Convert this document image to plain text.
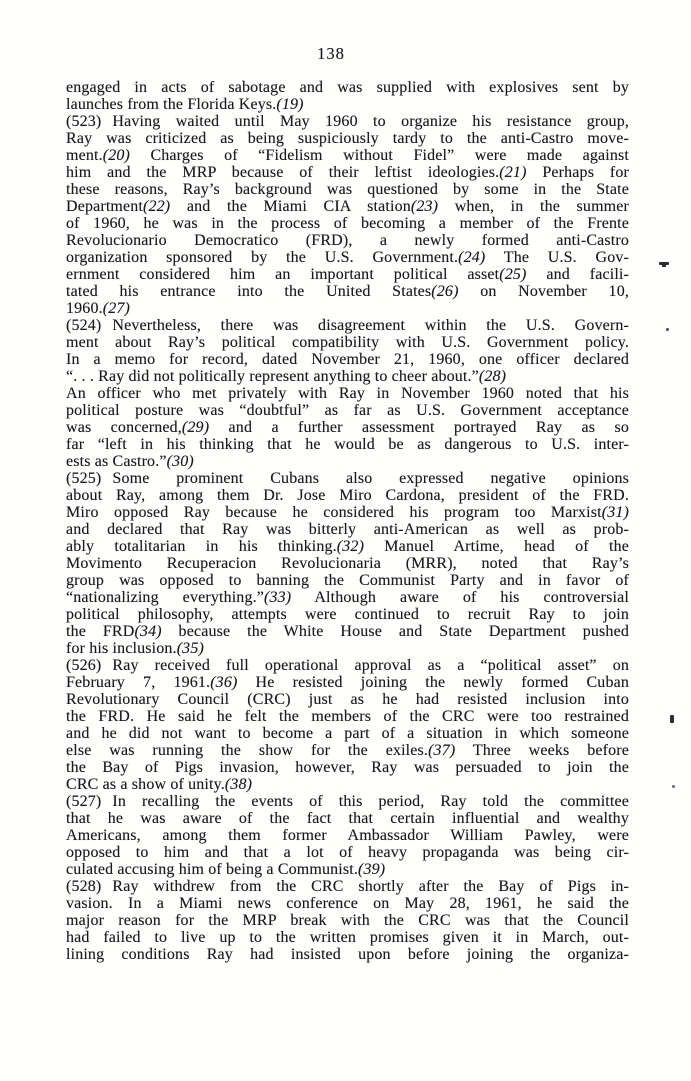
138

engaged in acts of sabotage and was supplied with explosives sent by
launches from the Florida Keys.(19)

(523) Having waited until May 1960 to organize his resistance group,
Ray was criticized as being suspiciously tardy to the anti-Castro move-
ment.(20) Charges of “Fidelism without Fidel” were made against
him and the MRP because of their leftist ideologies.(21) Perhaps for
these reasons, Ray’s background was questioned by some in the State
Department(22) and the Miami CIA station(23) when, in the summer
of 1960, he was in the process of becoming a member of the Frente
Revolucionario Democratico (FRD), a newly formed anti-Castro
organization sponsored by the U.S. Government.(24) The U.S. Gov-
ernment considered him an important political asset(25) and facili-
tated his entrance into the United States(26) on November 10,
1960.(27)

(524) Nevertheless, there was disagreement within the U.S. Govern-
ment about Ray’s political compatibility with U.S. Government policy.
In a memo for record, dated November 21, 1960, one officer declared
“. . . Ray did not politically represent anything to cheer about.”(28)
An officer who met privately with Ray in November 1960 noted that his
political posture was “doubtful” as far as U.S. Government acceptance
was concerned,(29) and a further assessment portrayed Ray as so
far “left in his thinking that he would be as dangerous to U.S. inter-
ests as Castro.”(30)

(525) Some prominent Cubans also expressed negative opinions
about Ray, among them Dr. Jose Miro Cardona, president of the FRD.
Miro opposed Ray because he considered his program too Marxist(31)
and declared that Ray was bitterly anti-American as well as prob-
ably totalitarian in his thinking.(32) Manuel Artime, head of the
Movimento Recuperacion Revolucionaria (MRR), noted that Ray’s
group was opposed to banning the Communist Party and in favor of
“nationalizing everything.”(33) Although aware of his controversial
political philosophy, attempts were continued to recruit Ray to join
the FRD(34) because the White House and State Department pushed
for his inclusion.(35)

(526) Ray received full operational approval as a “political asset” on
February 7, 1961.(36) He resisted joining the newly formed Cuban
Revolutionary Council (CRC) just as he had resisted inclusion into
the FRD. He said he felt the members of the CRC were too restrained
and he did not want to become a part of a situation in which someone
else was running the show for the exiles.(37) Three weeks before
the Bay of Pigs invasion, however, Ray was persuaded to join the
CRC as a show of unity.(38)

(527) In recalling the events of this period, Ray told the committee
that he was aware of the fact that certain influential and wealthy
Americans, among them former Ambassador William Pawley, were
opposed to him and that a lot of heavy propaganda was being cir-
culated accusing him of being a Communist.(39)

(528) Ray withdrew from the CRC shortly after the Bay of Pigs in-
vasion. In a Miami news conference on May 28, 1961, he said the
major reason for the MRP break with the CRC was that the Council
had failed to live up to the written promises given it in March, out-
lining conditions Ray had insisted upon before joining the organiza-
